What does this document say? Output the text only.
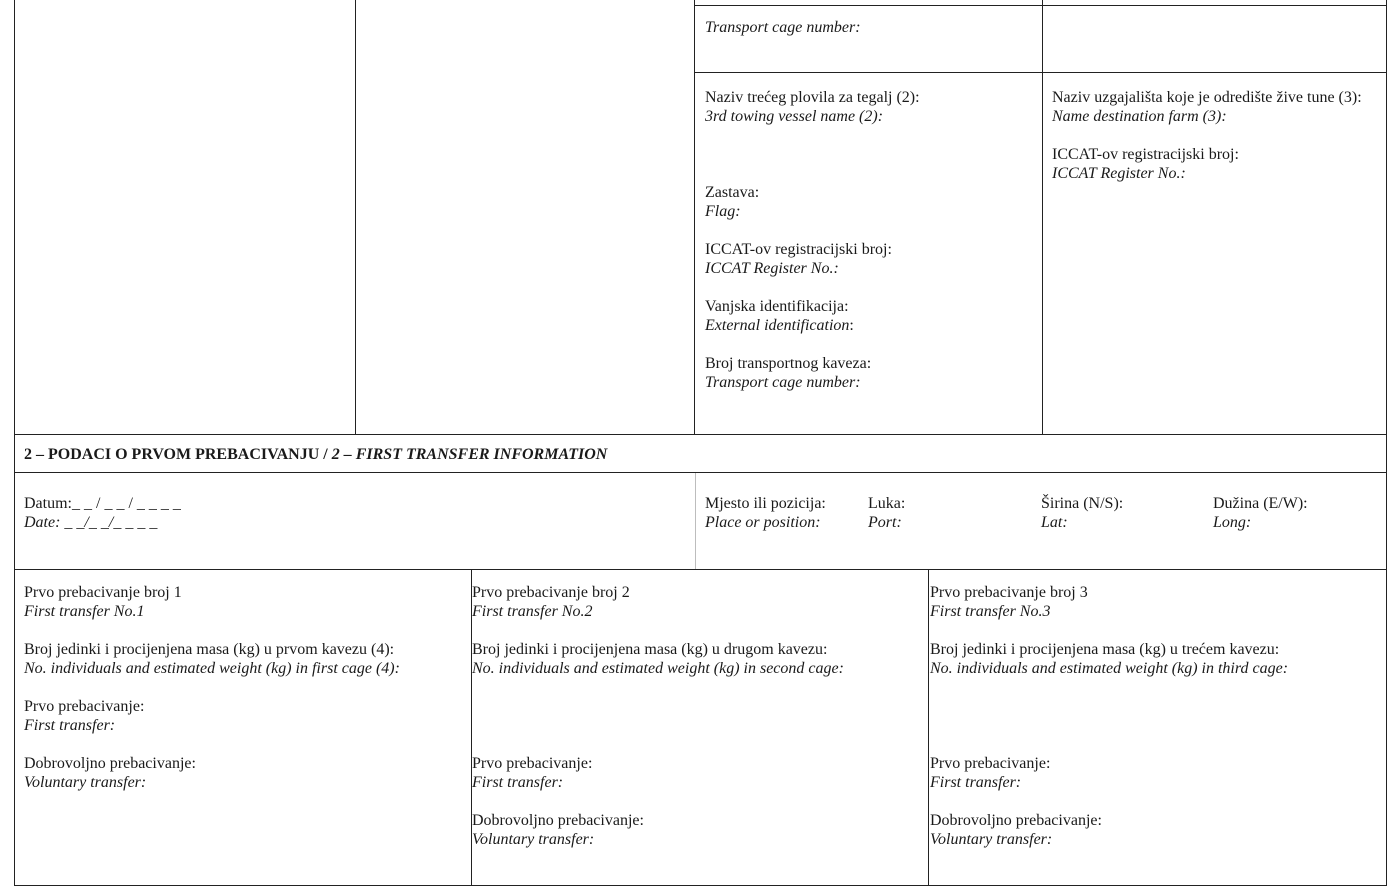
Transport cage number:
Naziv trećeg plovila za tegalj (2):
3rd towing vessel name (2):
Zastava:
Flag:
ICCAT-ov registracijski broj:
ICCAT Register No.:
Vanjska identifikacija:
External identification:
Broj transportnog kaveza:
Transport cage number:
Naziv uzgajališta koje je odredište žive tune (3):
Name destination farm (3):
ICCAT-ov registracijski broj:
ICCAT Register No.:
2 – PODACI O PRVOM PREBACIVANJU / 2 – FIRST TRANSFER INFORMATION
Datum:_ _ / _ _ / _ _ _ _
Date: _ _/_ _/_ _ _ _
Mjesto ili pozicija:
Place or position:
Luka:
Port:
Širina (N/S):
Lat:
Dužina (E/W):
Long:
Prvo prebacivanje broj 1
First transfer No.1
Broj jedinki i procijenjena masa (kg) u prvom kavezu (4):
No. individuals and estimated weight (kg) in first cage (4):
Prvo prebacivanje:
First transfer:
Dobrovoljno prebacivanje:
Voluntary transfer:
Prvo prebacivanje broj 2
First transfer No.2
Broj jedinki i procijenjena masa (kg) u drugom kavezu:
No. individuals and estimated weight (kg) in second cage:
Prvo prebacivanje:
First transfer:
Dobrovoljno prebacivanje:
Voluntary transfer:
Prvo prebacivanje broj 3
First transfer No.3
Broj jedinki i procijenjena masa (kg) u trećem kavezu:
No. individuals and estimated weight (kg) in third cage:
Prvo prebacivanje:
First transfer:
Dobrovoljno prebacivanje:
Voluntary transfer:
